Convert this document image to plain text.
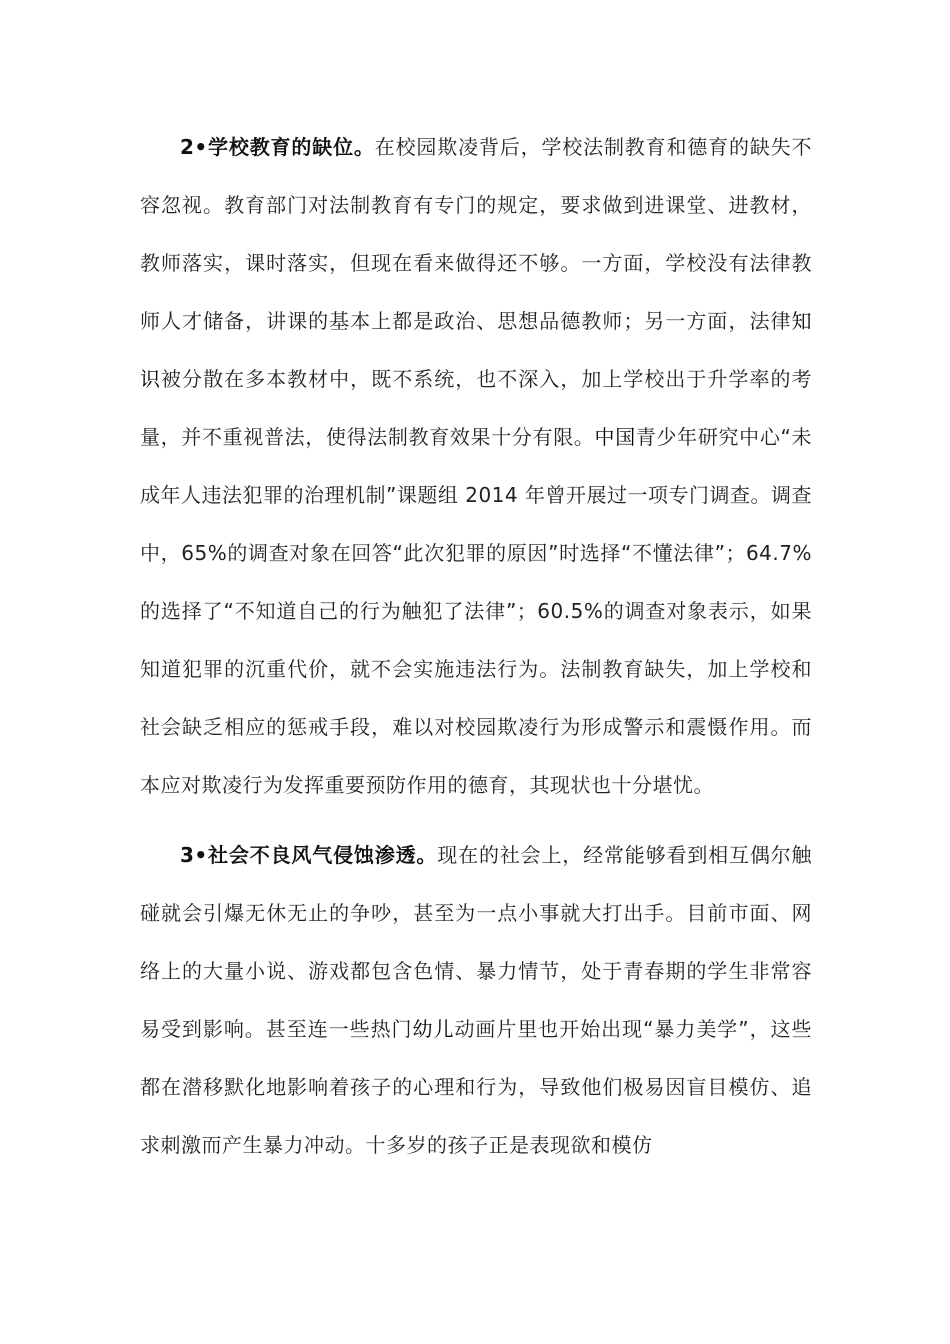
2•学校教育的缺位。在校园欺凌背后，学校法制教育和德育的缺失不容忽视。教育部门对法制教育有专门的规定，要求做到进课堂、进教材，教师落实，课时落实，但现在看来做得还不够。一方面，学校没有法律教师人才储备，讲课的基本上都是政治、思想品德教师；另一方面，法律知识被分散在多本教材中，既不系统，也不深入，加上学校出于升学率的考量，并不重视普法，使得法制教育效果十分有限。中国青少年研究中心“未成年人违法犯罪的治理机制”课题组 2014 年曾开展过一项专门调查。调查中，65%的调查对象在回答“此次犯罪的原因”时选择“不懂法律”；64.7%的选择了“不知道自己的行为触犯了法律”；60.5%的调查对象表示，如果知道犯罪的沉重代价，就不会实施违法行为。法制教育缺失，加上学校和社会缺乏相应的惩戒手段，难以对校园欺凌行为形成警示和震慑作用。而本应对欺凌行为发挥重要预防作用的德育，其现状也十分堪忧。

3•社会不良风气侵蚀渗透。现在的社会上，经常能够看到相互偶尔触碰就会引爆无休无止的争吵，甚至为一点小事就大打出手。目前市面、网络上的大量小说、游戏都包含色情、暴力情节，处于青春期的学生非常容易受到影响。甚至连一些热门幼儿动画片里也开始出现“暴力美学”，这些都在潜移默化地影响着孩子的心理和行为，导致他们极易因盲目模仿、追求刺激而产生暴力冲动。十多岁的孩子正是表现欲和模仿
